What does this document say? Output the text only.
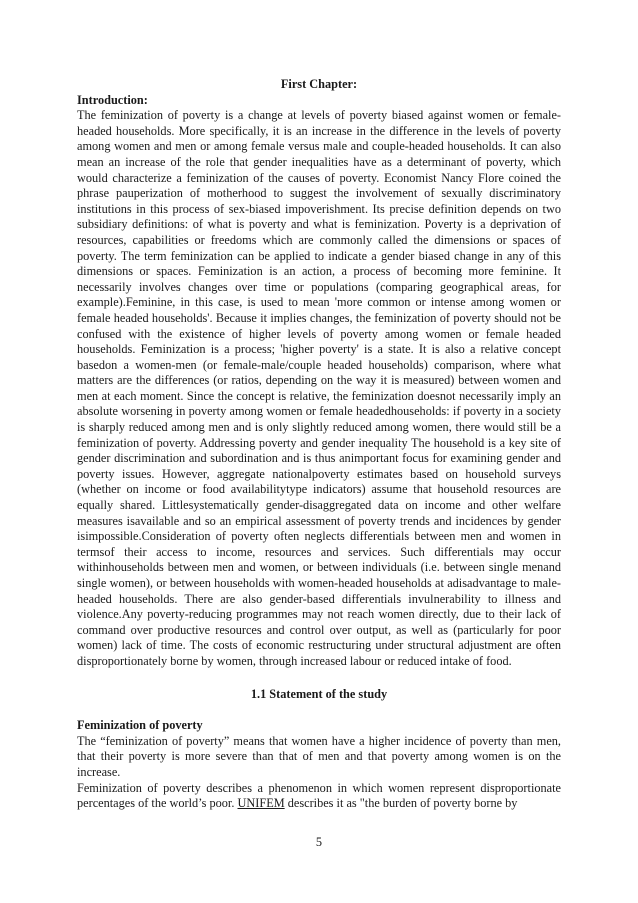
First Chapter:

Introduction:

The feminization of poverty is a change at levels of poverty biased against women or female-headed households. More specifically, it is an increase in the difference in the levels of poverty among women and men or among female versus male and couple-headed households. It can also mean an increase of the role that gender inequalities have as a determinant of poverty, which would characterize a feminization of the causes of poverty. Economist Nancy Flore coined the phrase pauperization of motherhood to suggest the involvement of sexually discriminatory institutions in this process of sex-biased impoverishment. Its precise definition depends on two subsidiary definitions: of what is poverty and what is feminization. Poverty is a deprivation of resources, capabilities or freedoms which are commonly called the dimensions or spaces of poverty. The term feminization can be applied to indicate a gender biased change in any of this dimensions or spaces. Feminization is an action, a process of becoming more feminine. It necessarily involves changes over time or populations (comparing geographical areas, for example).Feminine, in this case, is used to mean 'more common or intense among women or female headed households'. Because it implies changes, the feminization of poverty should not be confused with the existence of higher levels of poverty among women or female headed households. Feminization is a process; 'higher poverty' is a state. It is also a relative concept basedon a women-men (or female-male/couple headed households) comparison, where what matters are the differences (or ratios, depending on the way it is measured) between women and men at each moment. Since the concept is relative, the feminization doesnot necessarily imply an absolute worsening in poverty among women or female headedhouseholds: if poverty in a society is sharply reduced among men and is only slightly reduced among women, there would still be a feminization of poverty. Addressing poverty and gender inequality The household is a key site of gender discrimination and subordination and is thus animportant focus for examining gender and poverty issues. However, aggregate nationalpoverty estimates based on household surveys (whether on income or food availabilitytype indicators) assume that household resources are equally shared. Littlesystematically gender-disaggregated data on income and other welfare measures isavailable and so an empirical assessment of poverty trends and incidences by gender isimpossible.Consideration of poverty often neglects differentials between men and women in termsof their access to income, resources and services. Such differentials may occur withinhouseholds between men and women, or between individuals (i.e. between single menand single women), or between households with women-headed households at adisadvantage to male-headed households. There are also gender-based differentials invulnerability to illness and violence.Any poverty-reducing programmes may not reach women directly, due to their lack of command over productive resources and control over output, as well as (particularly for poor women) lack of time. The costs of economic restructuring under structural adjustment are often disproportionately borne by women, through increased labour or reduced intake of food.

1.1 Statement of the study

Feminization of poverty

The “feminization of poverty” means that women have a higher incidence of poverty than men, that their poverty is more severe than that of men and that poverty among women is on the increase.

Feminization of poverty describes a phenomenon in which women represent disproportionate percentages of the world’s poor. UNIFEM describes it as "the burden of poverty borne by

5
